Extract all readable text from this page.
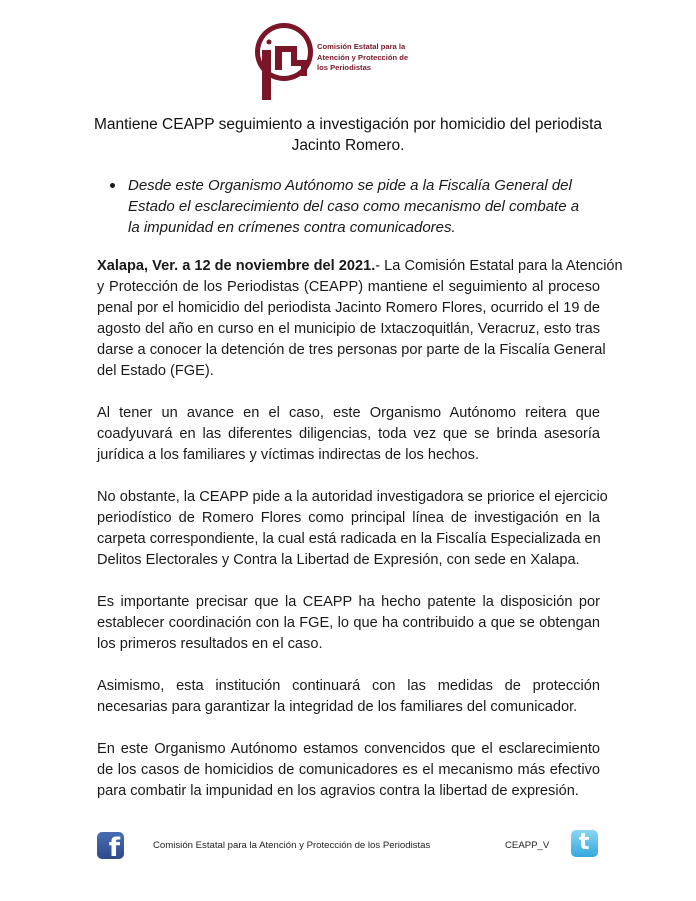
Comisión Estatal para la
Atención y Protección de
los Periodistas
Mantiene CEAPP seguimiento a investigación por homicidio del periodista
Jacinto Romero.
Desde este Organismo Autónomo se pide a la Fiscalía General del
Estado el esclarecimiento del caso como mecanismo del combate a
la impunidad en crímenes contra comunicadores.
Xalapa, Ver. a 12 de noviembre del 2021.- La Comisión Estatal para la Atención
y Protección de los Periodistas (CEAPP) mantiene el seguimiento al proceso
penal por el homicidio del periodista Jacinto Romero Flores, ocurrido el 19 de
agosto del año en curso en el municipio de Ixtaczoquitlán, Veracruz, esto tras
darse a conocer la detención de tres personas por parte de la Fiscalía General
del Estado (FGE).
Al tener un avance en el caso, este Organismo Autónomo reitera que
coadyuvará en las diferentes diligencias, toda vez que se brinda asesoría
jurídica a los familiares y víctimas indirectas de los hechos.
No obstante, la CEAPP pide a la autoridad investigadora se priorice el ejercicio
periodístico de Romero Flores como principal línea de investigación en la
carpeta correspondiente, la cual está radicada en la Fiscalía Especializada en
Delitos Electorales y Contra la Libertad de Expresión, con sede en Xalapa.
Es importante precisar que la CEAPP ha hecho patente la disposición por
establecer coordinación con la FGE, lo que ha contribuido a que se obtengan
los primeros resultados en el caso.
Asimismo, esta institución continuará con las medidas de protección
necesarias para garantizar la integridad de los familiares del comunicador.
En este Organismo Autónomo estamos convencidos que el esclarecimiento
de los casos de homicidios de comunicadores es el mecanismo más efectivo
para combatir la impunidad en los agravios contra la libertad de expresión.
f	Comisión Estatal para la Atención y Protección de los Periodistas	CEAPP_V t
